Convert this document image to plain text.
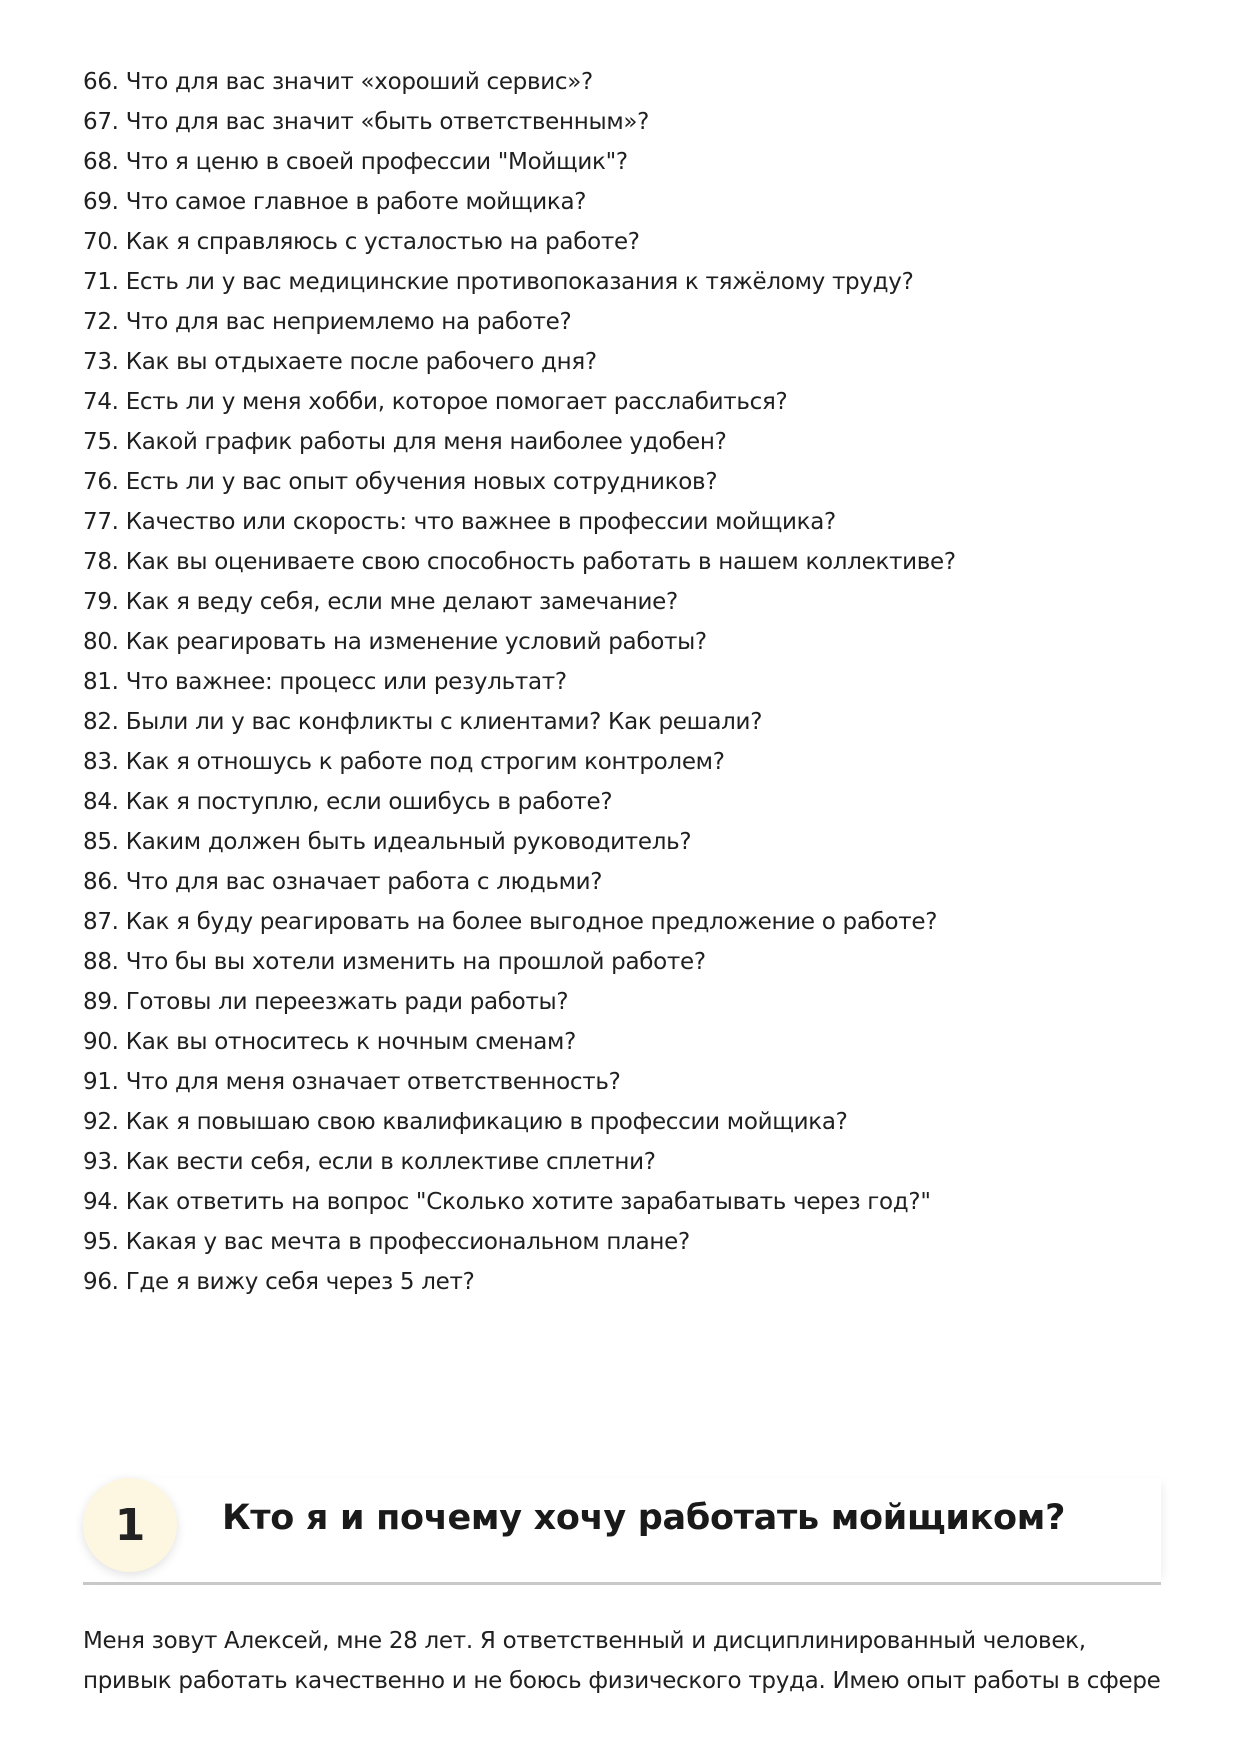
66. Что для вас значит «хороший сервис»?
67. Что для вас значит «быть ответственным»?
68. Что я ценю в своей профессии "Мойщик"?
69. Что самое главное в работе мойщика?
70. Как я справляюсь с усталостью на работе?
71. Есть ли у вас медицинские противопоказания к тяжёлому труду?
72. Что для вас неприемлемо на работе?
73. Как вы отдыхаете после рабочего дня?
74. Есть ли у меня хобби, которое помогает расслабиться?
75. Какой график работы для меня наиболее удобен?
76. Есть ли у вас опыт обучения новых сотрудников?
77. Качество или скорость: что важнее в профессии мойщика?
78. Как вы оцениваете свою способность работать в нашем коллективе?
79. Как я веду себя, если мне делают замечание?
80. Как реагировать на изменение условий работы?
81. Что важнее: процесс или результат?
82. Были ли у вас конфликты с клиентами? Как решали?
83. Как я отношусь к работе под строгим контролем?
84. Как я поступлю, если ошибусь в работе?
85. Каким должен быть идеальный руководитель?
86. Что для вас означает работа с людьми?
87. Как я буду реагировать на более выгодное предложение о работе?
88. Что бы вы хотели изменить на прошлой работе?
89. Готовы ли переезжать ради работы?
90. Как вы относитесь к ночным сменам?
91. Что для меня означает ответственность?
92. Как я повышаю свою квалификацию в профессии мойщика?
93. Как вести себя, если в коллективе сплетни?
94. Как ответить на вопрос "Сколько хотите зарабатывать через год?"
95. Какая у вас мечта в профессиональном плане?
96. Где я вижу себя через 5 лет?
1	Кто я и почему хочу работать мойщиком?

Меня зовут Алексей, мне 28 лет. Я ответственный и дисциплинированный человек, привык работать качественно и не боюсь физического труда. Имею опыт работы в сфере
